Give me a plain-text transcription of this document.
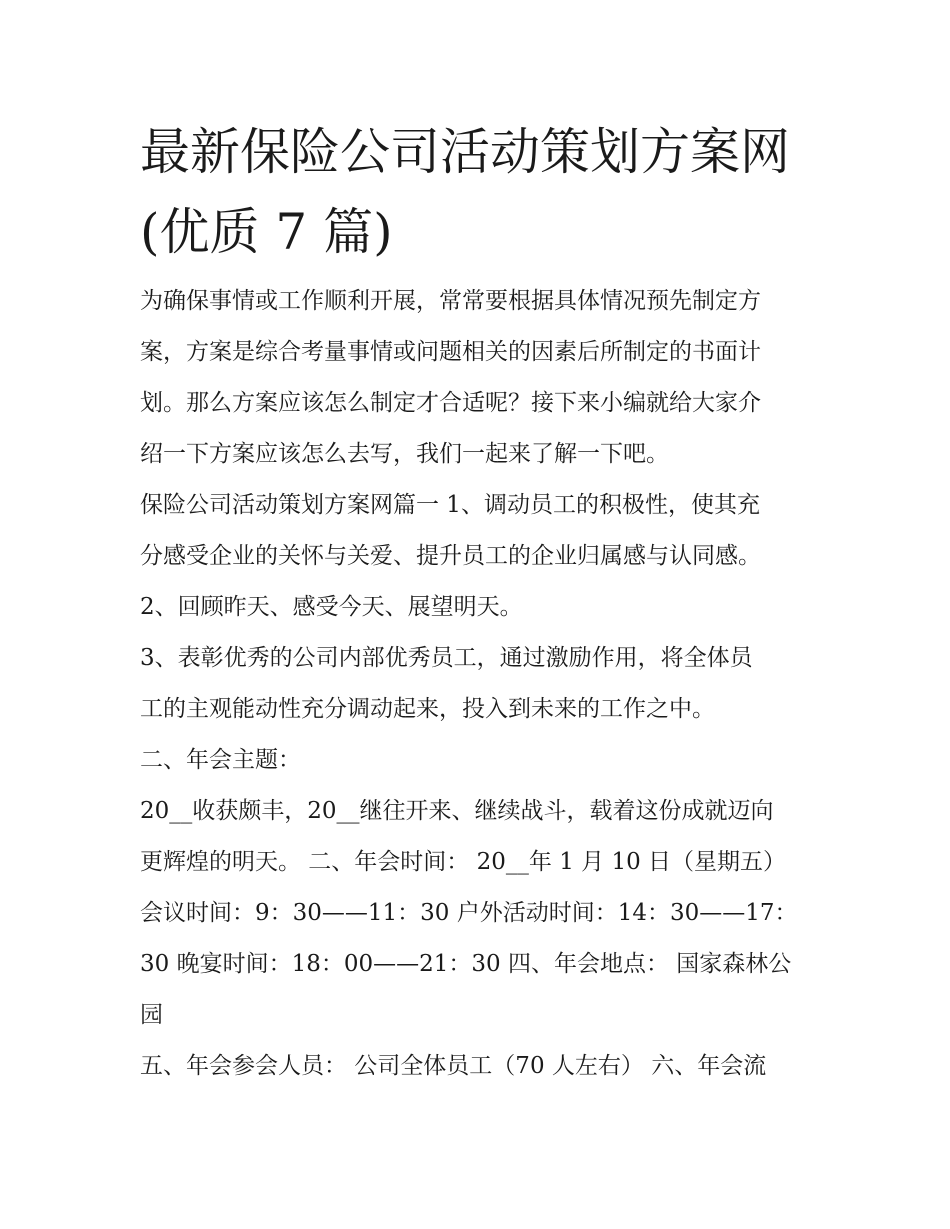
最新保险公司活动策划方案网
(优质 7 篇)
为确保事情或工作顺利开展，常常要根据具体情况预先制定方
案，方案是综合考量事情或问题相关的因素后所制定的书面计
划。那么方案应该怎么制定才合适呢？接下来小编就给大家介
绍一下方案应该怎么去写，我们一起来了解一下吧。
保险公司活动策划方案网篇一 1、调动员工的积极性，使其充
分感受企业的关怀与关爱、提升员工的企业归属感与认同感。
2、回顾昨天、感受今天、展望明天。
3、表彰优秀的公司内部优秀员工，通过激励作用，将全体员
工的主观能动性充分调动起来，投入到未来的工作之中。
二、年会主题：
20__收获颇丰，20__继往开来、继续战斗，载着这份成就迈向
更辉煌的明天。 二、年会时间： 20__年 1 月 10 日（星期五）
会议时间：9：30——11：30 户外活动时间：14：30——17：
30 晚宴时间：18：00——21：30 四、年会地点： 国家森林公
园
五、年会参会人员： 公司全体员工（70 人左右） 六、年会流
